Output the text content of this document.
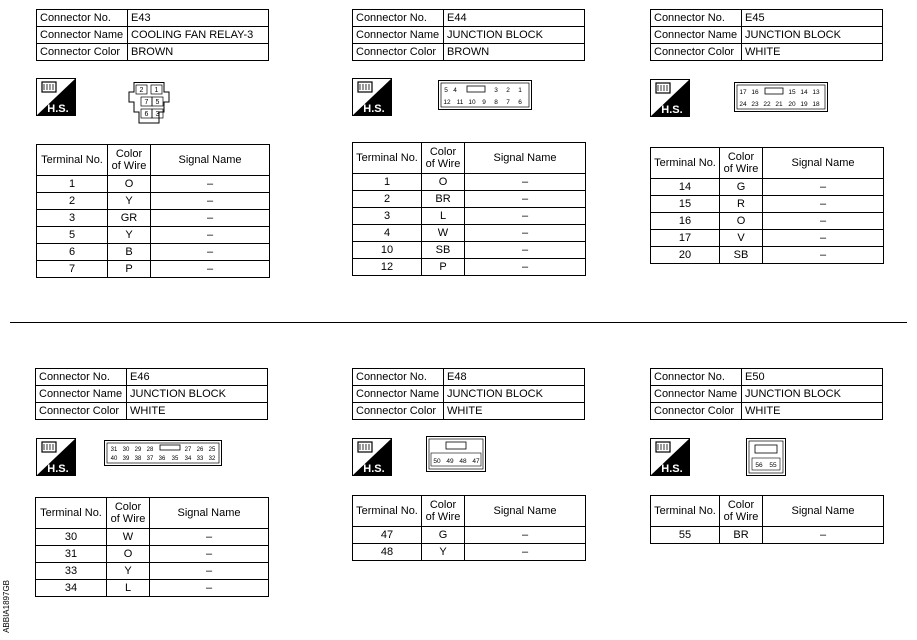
Connector No.	E43
Connector Name	COOLING FAN RELAY-3
Connector Color	BROWN
H.S.
2 1
7 5
6 3
Terminal No.	Color of Wire	Signal Name
1	O	–
2	Y	–
3	GR	–
5	Y	–
6	B	–
7	P	–
Connector No.	E44
Connector Name	JUNCTION BLOCK
Connector Color	BROWN
H.S.
5 4	3 2 1
12 11 10 9 8 7 6
Terminal No.	Color of Wire	Signal Name
1	O	–
2	BR	–
3	L	–
4	W	–
10	SB	–
12	P	–
Connector No.	E45
Connector Name	JUNCTION BLOCK
Connector Color	WHITE
H.S.
17 16	15 14 13
24 23 22 21 20 19 18
Terminal No.	Color of Wire	Signal Name
14	G	–
15	R	–
16	O	–
17	V	–
20	SB	–
Connector No.	E46
Connector Name	JUNCTION BLOCK
Connector Color	WHITE
H.S.
31 30 29 28	27 26 25
40 39 38 37 36 35 34 33 32
Terminal No.	Color of Wire	Signal Name
30	W	–
31	O	–
33	Y	–
34	L	–
Connector No.	E48
Connector Name	JUNCTION BLOCK
Connector Color	WHITE
H.S.
50 49 48 47
Terminal No.	Color of Wire	Signal Name
47	G	–
48	Y	–
Connector No.	E50
Connector Name	JUNCTION BLOCK
Connector Color	WHITE
H.S.	56 55
Terminal No.	Color of Wire	Signal Name
55	BR	–
ABBIA1897GB
